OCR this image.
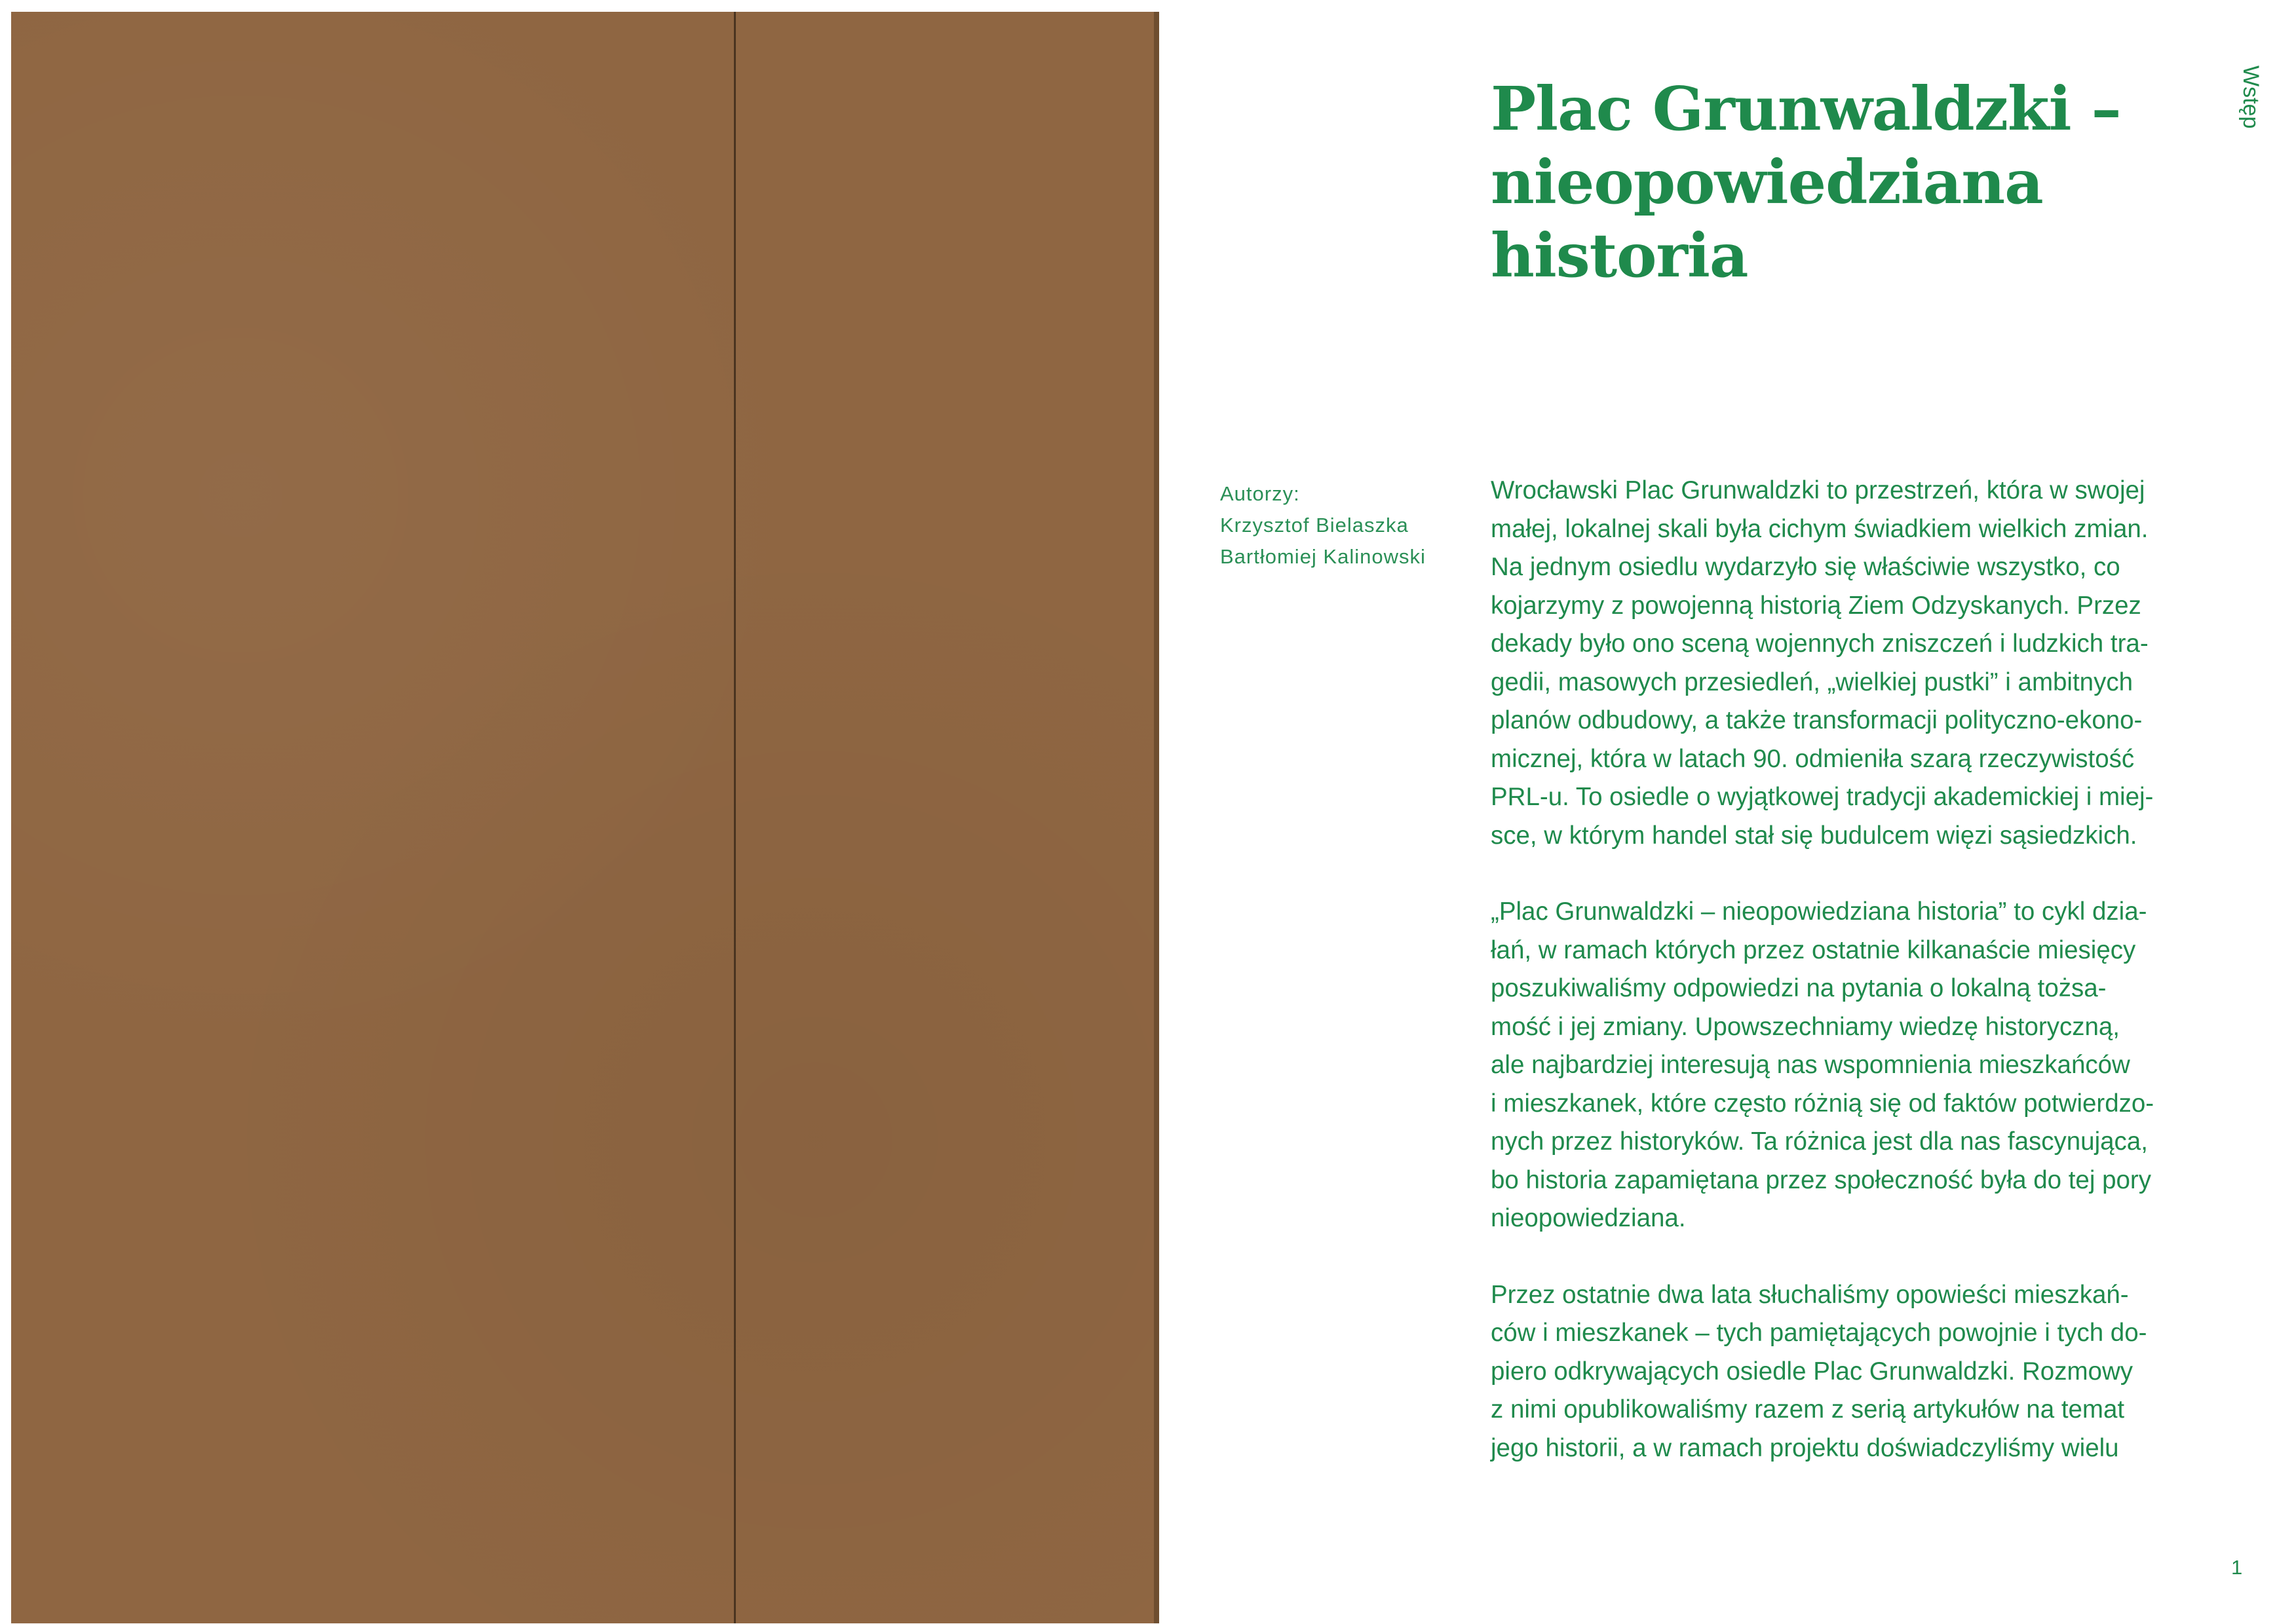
Plac Grunwaldzki –
nieopowiedziana
historia
Wstęp
Autorzy:
Krzysztof Bielaszka
Bartłomiej Kalinowski

Wrocławski Plac Grunwaldzki to przestrzeń, która w swojej
małej, lokalnej skali była cichym świadkiem wielkich zmian.
Na jednym osiedlu wydarzyło się właściwie wszystko, co
kojarzymy z powojenną historią Ziem Odzyskanych. Przez
dekady było ono sceną wojennych zniszczeń i ludzkich tra-
gedii, masowych przesiedleń, „wielkiej pustki” i ambitnych
planów odbudowy, a także transformacji polityczno-ekono-
micznej, która w latach 90. odmieniła szarą rzeczywistość
PRL-u. To osiedle o wyjątkowej tradycji akademickiej i miej-
sce, w którym handel stał się budulcem więzi sąsiedzkich.

„Plac Grunwaldzki – nieopowiedziana historia” to cykl dzia-
łań, w ramach których przez ostatnie kilkanaście miesięcy
poszukiwaliśmy odpowiedzi na pytania o lokalną tożsa-
mość i jej zmiany. Upowszechniamy wiedzę historyczną,
ale najbardziej interesują nas wspomnienia mieszkańców
i mieszkanek, które często różnią się od faktów potwierdzo-
nych przez historyków. Ta różnica jest dla nas fascynująca,
bo historia zapamiętana przez społeczność była do tej pory
nieopowiedziana.

Przez ostatnie dwa lata słuchaliśmy opowieści mieszkań-
ców i mieszkanek – tych pamiętających powojnie i tych do-
piero odkrywających osiedle Plac Grunwaldzki. Rozmowy
z nimi opublikowaliśmy razem z serią artykułów na temat
jego historii, a w ramach projektu doświadczyliśmy wielu

1
